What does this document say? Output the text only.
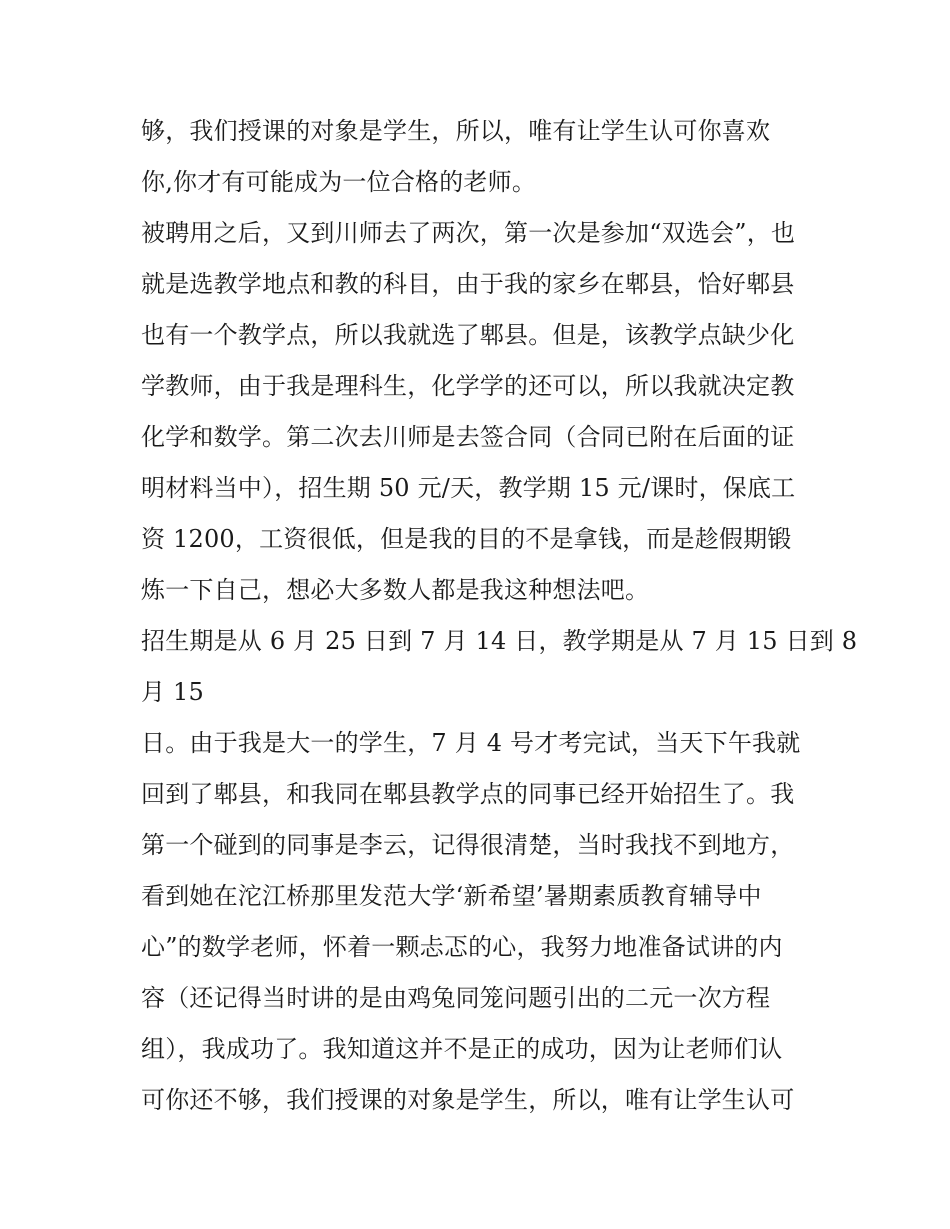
够，我们授课的对象是学生，所以，唯有让学生认可你喜欢
你,你才有可能成为一位合格的老师。
被聘用之后，又到川师去了两次，第一次是参加“双选会”，也
就是选教学地点和教的科目，由于我的家乡在郫县，恰好郫县
也有一个教学点，所以我就选了郫县。但是，该教学点缺少化
学教师，由于我是理科生，化学学的还可以，所以我就决定教
化学和数学。第二次去川师是去签合同（合同已附在后面的证
明材料当中），招生期 50 元/天，教学期 15 元/课时，保底工
资 1200，工资很低，但是我的目的不是拿钱，而是趁假期锻
炼一下自己，想必大多数人都是我这种想法吧。
招生期是从 6 月 25 日到 7 月 14 日，教学期是从 7 月 15 日到 8
月 15
日。由于我是大一的学生，7 月 4 号才考完试，当天下午我就
回到了郫县，和我同在郫县教学点的同事已经开始招生了。我
第一个碰到的同事是李云，记得很清楚，当时我找不到地方，
看到她在沱江桥那里发范大学‘新希望’暑期素质教育辅导中
心”的数学老师，怀着一颗忐忑的心，我努力地准备试讲的内
容（还记得当时讲的是由鸡兔同笼问题引出的二元一次方程
组），我成功了。我知道这并不是正的成功，因为让老师们认
可你还不够，我们授课的对象是学生，所以，唯有让学生认可
